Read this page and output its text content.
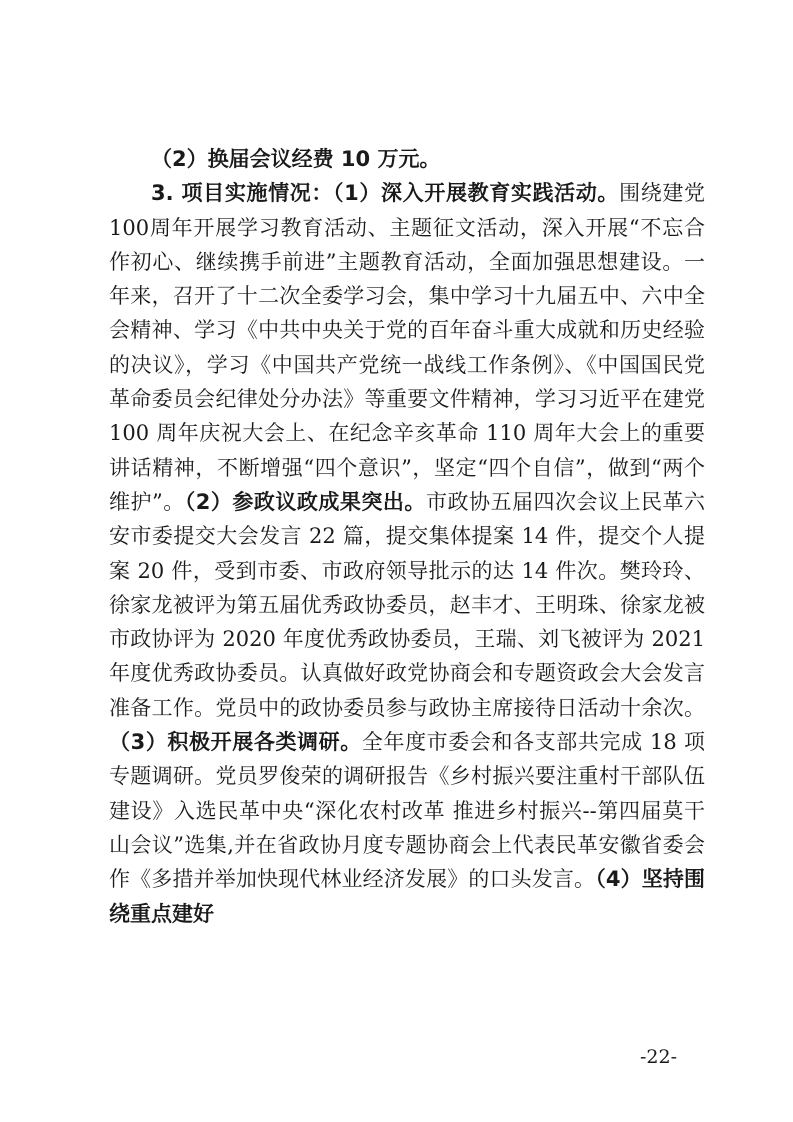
（2）换届会议经费 10 万元。

3. 项目实施情况：（1）深入开展教育实践活动。围绕建党100周年开展学习教育活动、主题征文活动，深入开展“不忘合作初心、继续携手前进”主题教育活动，全面加强思想建设。一年来，召开了十二次全委学习会，集中学习十九届五中、六中全会精神、学习《中共中央关于党的百年奋斗重大成就和历史经验的决议》，学习《中国共产党统一战线工作条例》、《中国国民党革命委员会纪律处分办法》等重要文件精神，学习习近平在建党 100 周年庆祝大会上、在纪念辛亥革命 110 周年大会上的重要讲话精神，不断增强“四个意识”，坚定“四个自信”，做到“两个维护”。（2）参政议政成果突出。市政协五届四次会议上民革六安市委提交大会发言 22 篇，提交集体提案 14 件，提交个人提案 20 件，受到市委、市政府领导批示的达 14 件次。樊玲玲、徐家龙被评为第五届优秀政协委员，赵丰才、王明珠、徐家龙被市政协评为 2020 年度优秀政协委员，王瑞、刘飞被评为 2021 年度优秀政协委员。认真做好政党协商会和专题资政会大会发言准备工作。党员中的政协委员参与政协主席接待日活动十余次。（3）积极开展各类调研。全年度市委会和各支部共完成 18 项专题调研。党员罗俊荣的调研报告《乡村振兴要注重村干部队伍建设》入选民革中央“深化农村改革 推进乡村振兴--第四届莫干山会议”选集,并在省政协月度专题协商会上代表民革安徽省委会作《多措并举加快现代林业经济发展》的口头发言。（4）坚持围绕重点建好

-22-
